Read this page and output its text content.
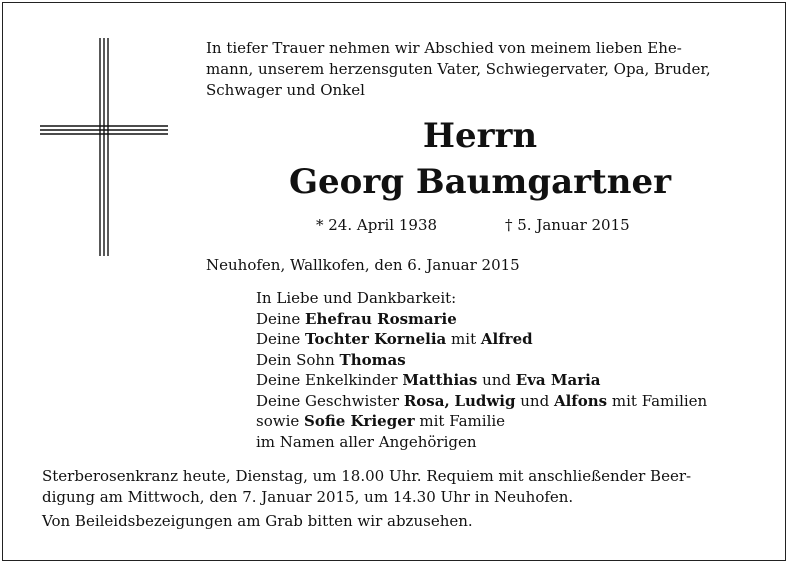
In tiefer Trauer nehmen wir Abschied von meinem lieben Ehe-
mann, unserem herzensguten Vater, Schwiegervater, Opa, Bruder,
Schwager und Onkel
Herrn
Georg Baumgartner
* 24. April 1938	† 5. Januar 2015
Neuhofen, Wallkofen, den 6. Januar 2015
In Liebe und Dankbarkeit:
Deine Ehefrau Rosmarie
Deine Tochter Kornelia mit Alfred
Dein Sohn Thomas
Deine Enkelkinder Matthias und Eva Maria
Deine Geschwister Rosa, Ludwig und Alfons mit Familien
sowie Sofie Krieger mit Familie
im Namen aller Angehörigen
Sterberosenkranz heute, Dienstag, um 18.00 Uhr. Requiem mit anschließender Beer-
digung am Mittwoch, den 7. Januar 2015, um 14.30 Uhr in Neuhofen.
Von Beileidsbezeigungen am Grab bitten wir abzusehen.
